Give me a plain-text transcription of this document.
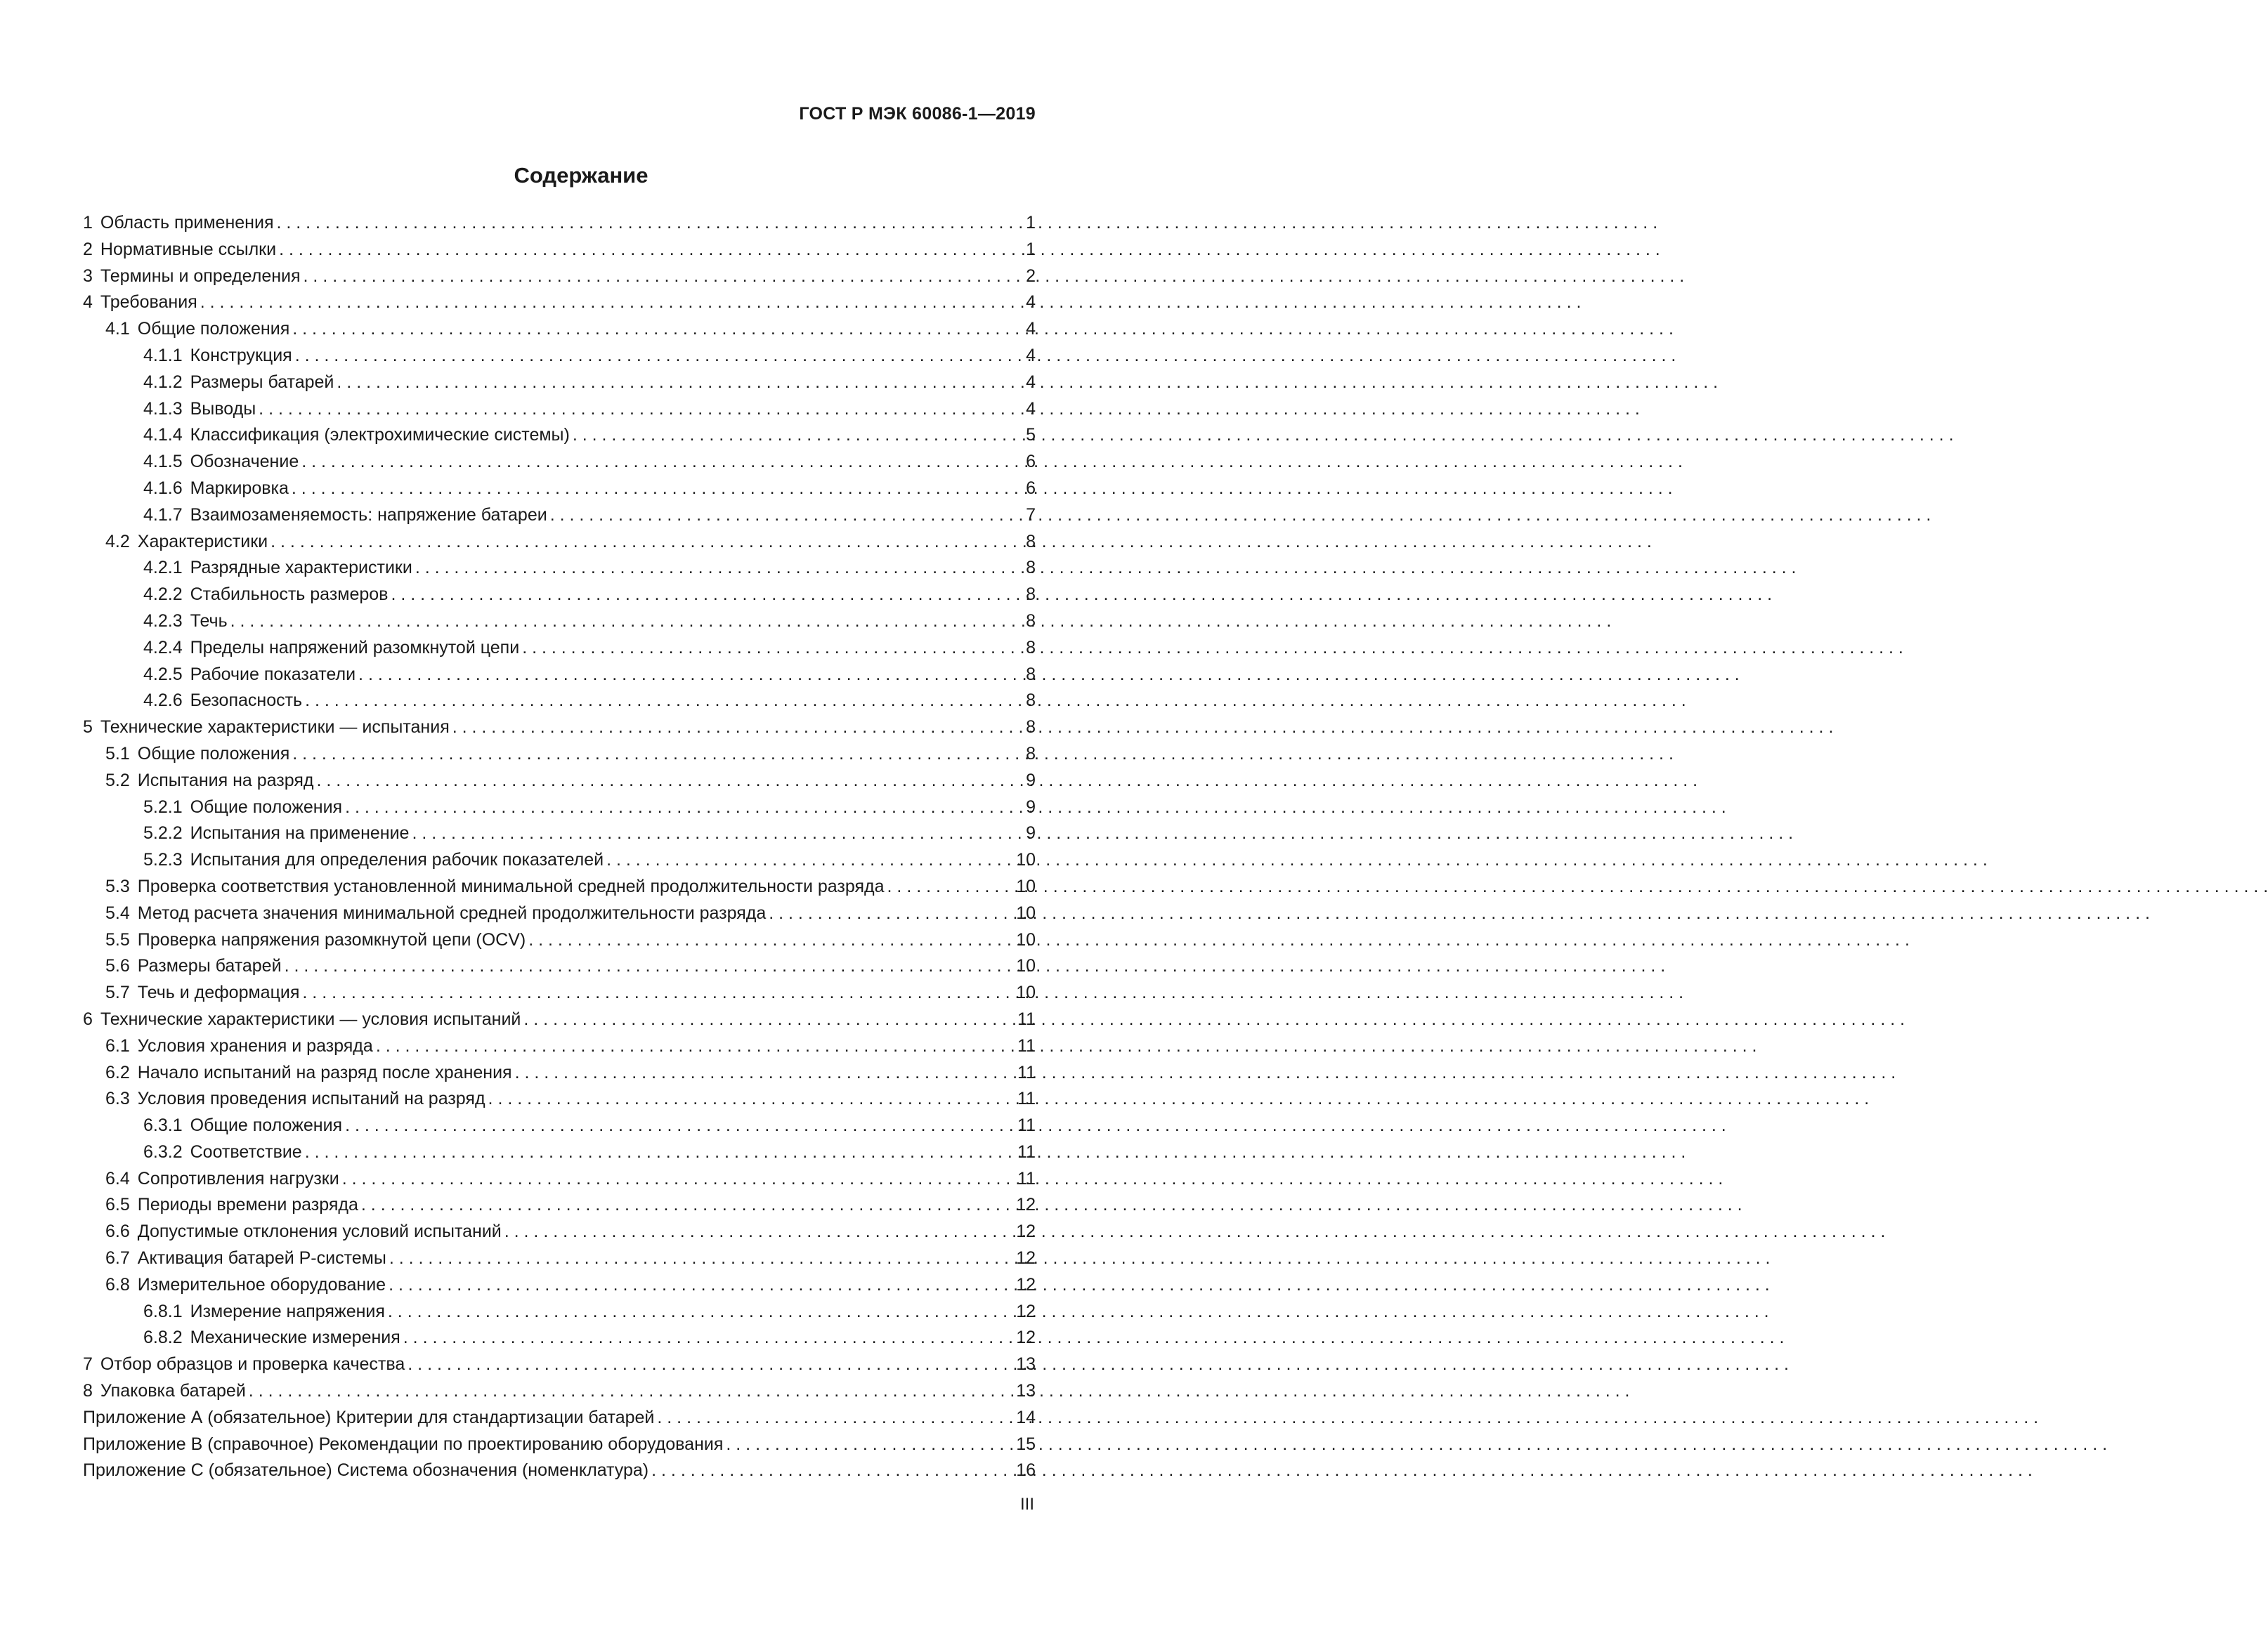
ГОСТ Р МЭК 60086-1—2019
Содержание
1 Область применения . . .	1
2 Нормативные ссылки . . .	1
3 Термины и определения . . .	2
4 Требования . . .	4
4.1 Общие положения . . .	4
4.1.1 Конструкция . . .	4
4.1.2 Размеры батарей . . .	4
4.1.3 Выводы . . .	4
4.1.4 Классификация (электрохимические системы) . . .	5
4.1.5 Обозначение . . .	6
4.1.6 Маркировка . . .	6
4.1.7 Взаимозаменяемость: напряжение батареи . . .	7
4.2 Характеристики . . .	8
4.2.1 Разрядные характеристики . . .	8
4.2.2 Стабильность размеров . . .	8
4.2.3 Течь . . .	8
4.2.4 Пределы напряжений разомкнутой цепи . . .	8
4.2.5 Рабочие показатели . . .	8
4.2.6 Безопасность . . .	8
5 Технические характеристики — испытания . . .	8
5.1 Общие положения . . .	8
5.2 Испытания на разряд . . .	9
5.2.1 Общие положения . . .	9
5.2.2 Испытания на применение . . .	9
5.2.3 Испытания для определения рабочик показателей . . .	10
5.3 Проверка соответствия установленной минимальной средней продолжительности разряда . . .	10
5.4 Метод расчета значения минимальной средней продолжительности разряда . . .	10
5.5 Проверка напряжения разомкнутой цепи (OCV) . . .	10
5.6 Размеры батарей . . .	10
5.7 Течь и деформация . . .	10
6 Технические характеристики — условия испытаний . . .	11
6.1 Условия хранения и разряда . . .	11
6.2 Начало испытаний на разряд после хранения . . .	11
6.3 Условия проведения испытаний на разряд . . .	11
6.3.1 Общие положения . . .	11
6.3.2 Соответствие . . .	11
6.4 Сопротивления нагрузки . . .	11
6.5 Периоды времени разряда . . .	12
6.6 Допустимые отклонения условий испытаний . . .	12
6.7 Активация батарей Р-системы . . .	12
6.8 Измерительное оборудование . . .	12
6.8.1 Измерение напряжения . . .	12
6.8.2 Механические измерения . . .	12
7 Отбор образцов и проверка качества . . .	13
8 Упаковка батарей . . .	13
Приложение А (обязательное) Критерии для стандартизации батарей . . .	14
Приложение В (справочное) Рекомендации по проектированию оборудования . . .	15
Приложение С (обязательное) Система обозначения (номенклатура) . . .	16
III
